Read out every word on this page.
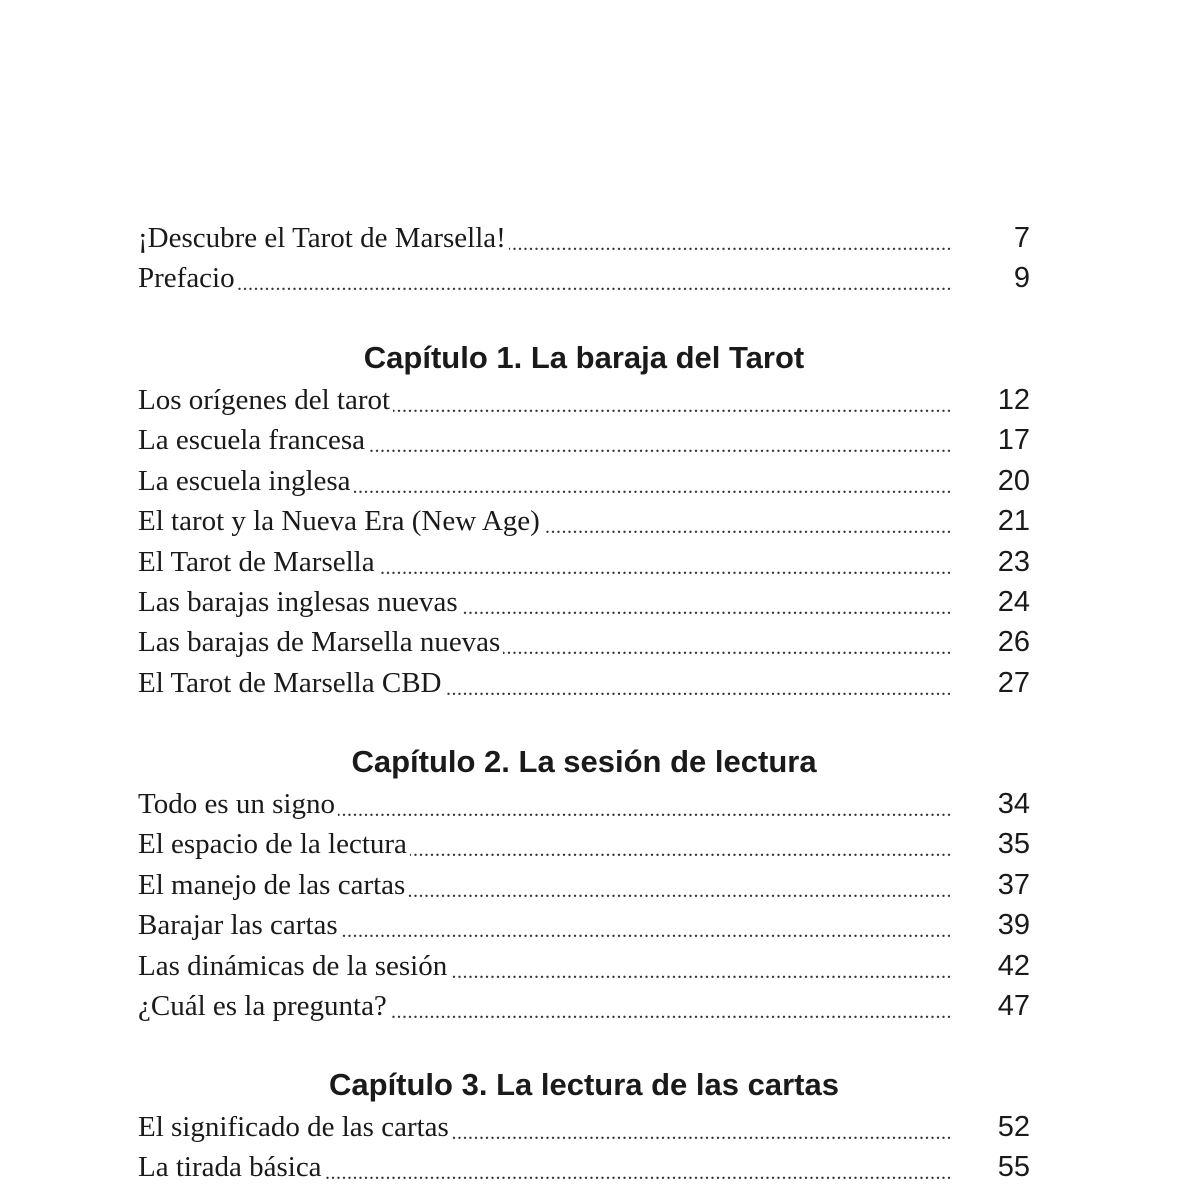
.....
¡Descubre el Tarot de Marsella!	7
.....
Prefacio	9
Capítulo 1. La baraja del Tarot
.....
Los orígenes del tarot	12
.....
La escuela francesa	17
.....
La escuela inglesa	20
.....
El tarot y la Nueva Era (New Age)	21
.....
El Tarot de Marsella	23
.....
Las barajas inglesas nuevas	24
.....
Las barajas de Marsella nuevas	26
.....
El Tarot de Marsella CBD	27
Capítulo 2. La sesión de lectura
.....
Todo es un signo	34
.....
El espacio de la lectura	35
.....
El manejo de las cartas	37
.....
Barajar las cartas	39
.....
Las dinámicas de la sesión	42
.....
¿Cuál es la pregunta?	47
Capítulo 3. La lectura de las cartas
.....
El significado de las cartas	52
.....
La tirada básica	55
